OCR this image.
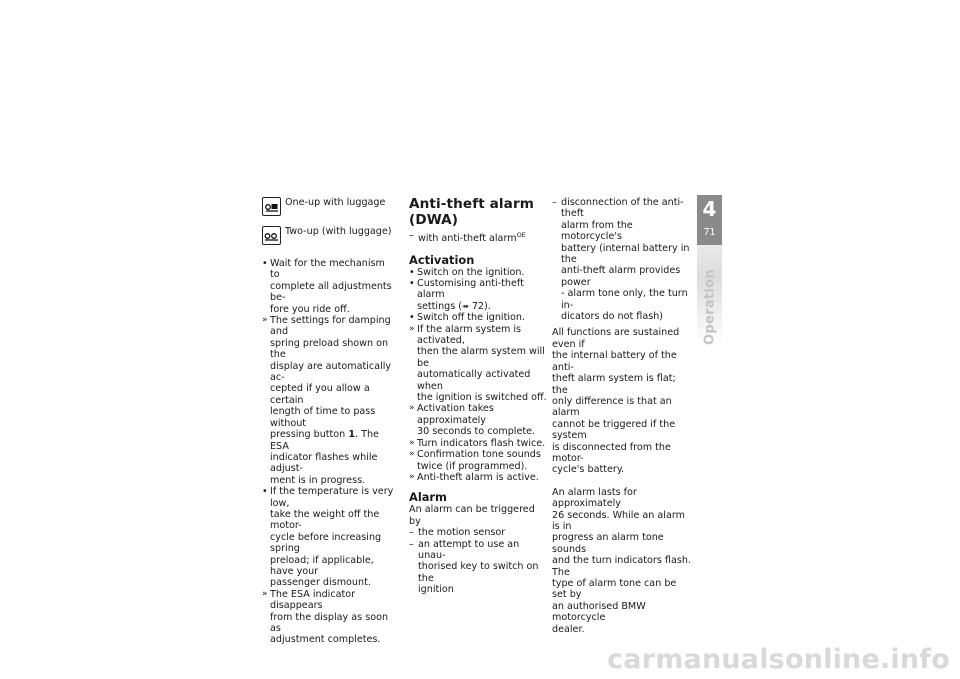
One-up with luggage
Two-up (with luggage)
• Wait for the mechanism to
complete all adjustments be-
fore you ride off.
» The settings for damping and
spring preload shown on the
display are automatically ac-
cepted if you allow a certain
length of time to pass without
pressing button 1. The ESA
indicator flashes while adjust-
ment is in progress.
• If the temperature is very low,
take the weight off the motor-
cycle before increasing spring
preload; if applicable, have your
passenger dismount.
» The ESA indicator disappears
from the display as soon as
adjustment completes.
Anti-theft alarm (DWA)
– with anti-theft alarm$^{OE}$
Activation
• Switch on the ignition.
• Customising anti-theft alarm
settings (➠ 72).
• Switch off the ignition.
» If the alarm system is activated,
then the alarm system will be
automatically activated when
the ignition is switched off.
» Activation takes approximately
30 seconds to complete.
» Turn indicators flash twice.
» Confirmation tone sounds
twice (if programmed).
» Anti-theft alarm is active.
Alarm
An alarm can be triggered by
– the motion sensor
– an attempt to use an unau-
thorised key to switch on the
ignition
– disconnection of the anti-theft
alarm from the motorcycle's
battery (internal battery in the
anti-theft alarm provides power
- alarm tone only, the turn in-
dicators do not flash)
All functions are sustained even if
the internal battery of the anti-
theft alarm system is flat; the
only difference is that an alarm
cannot be triggered if the system
is disconnected from the motor-
cycle's battery.
An alarm lasts for approximately
26 seconds. While an alarm is in
progress an alarm tone sounds
and the turn indicators flash. The
type of alarm tone can be set by
an authorised BMW motorcycle
dealer.
4
71
Operation
carmanualsonline.info
